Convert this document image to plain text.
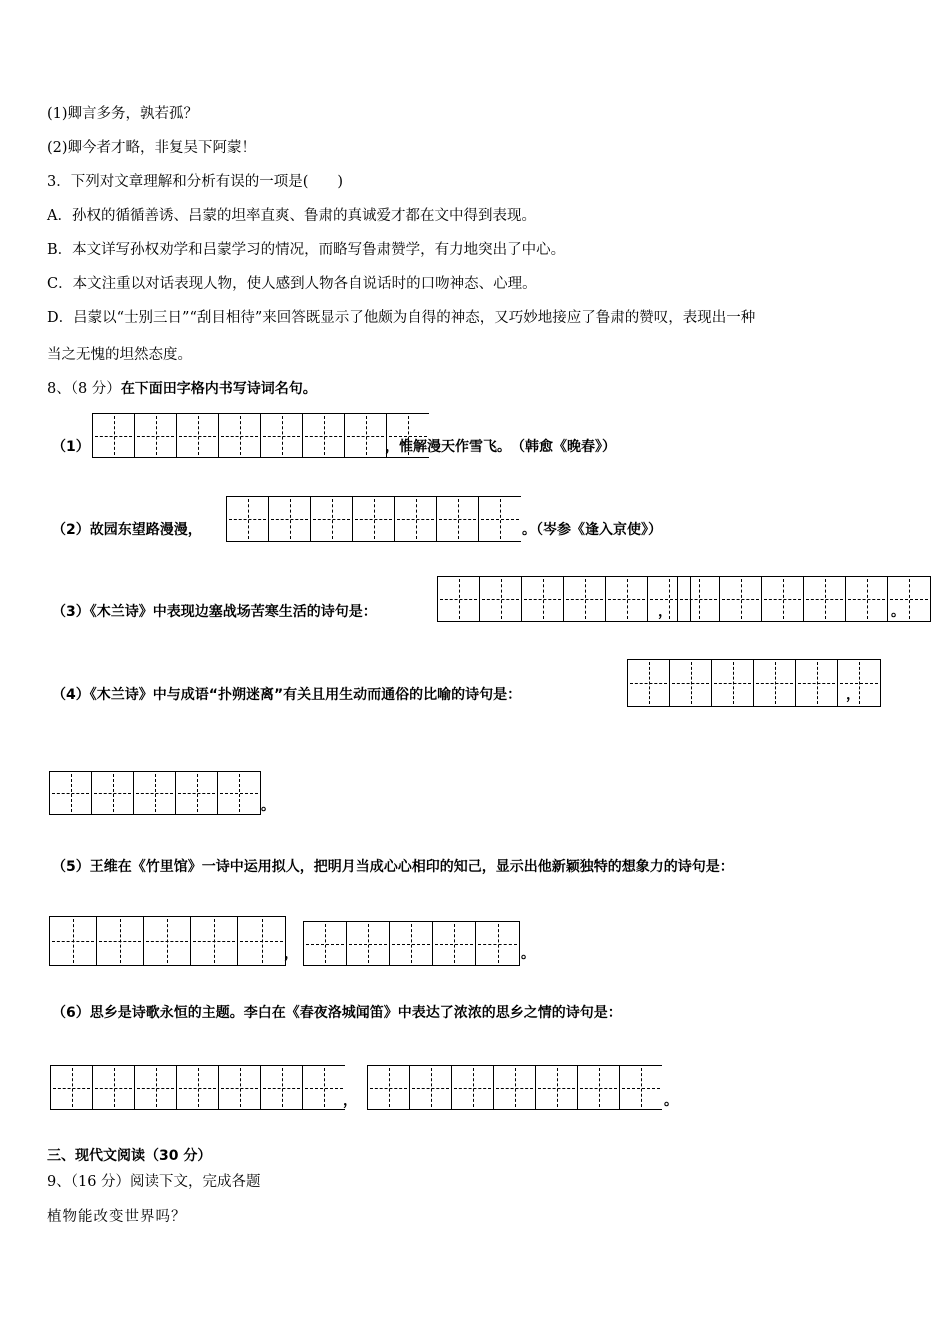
(1)卿言多务，孰若孤？
(2)卿今者才略，非复吴下阿蒙！
3．下列对文章理解和分析有误的一项是(　　)
A．孙权的循循善诱、吕蒙的坦率直爽、鲁肃的真诚爱才都在文中得到表现。
B．本文详写孙权劝学和吕蒙学习的情况，而略写鲁肃赞学，有力地突出了中心。
C．本文注重以对话表现人物，使人感到人物各自说话时的口吻神态、心理。
D．吕蒙以“士别三日”“刮目相待”来回答既显示了他颇为自得的神态，又巧妙地接应了鲁肃的赞叹，表现出一种
当之无愧的坦然态度。
8、（8 分）在下面田字格内书写诗词名句。
（1）	，惟解漫天作雪飞。　（韩愈《晚春》）
（2）故园东望路漫漫，	。（岑参《逢入京使》）
（3）《木兰诗》中表现边塞战场苦寒生活的诗句是：	，	。
（4）《木兰诗》中与成语“扑朔迷离”有关且用生动而通俗的比喻的诗句是：	，
。
（5）王维在《竹里馆》一诗中运用拟人，把明月当成心心相印的知己，显示出他新颖独特的想象力的诗句是：
，	。
（6）思乡是诗歌永恒的主题。李白在《春夜洛城闻笛》中表达了浓浓的思乡之情的诗句是：
，	。
三、现代文阅读（30 分）
9、（16 分）阅读下文，完成各题
植物能改变世界吗？
